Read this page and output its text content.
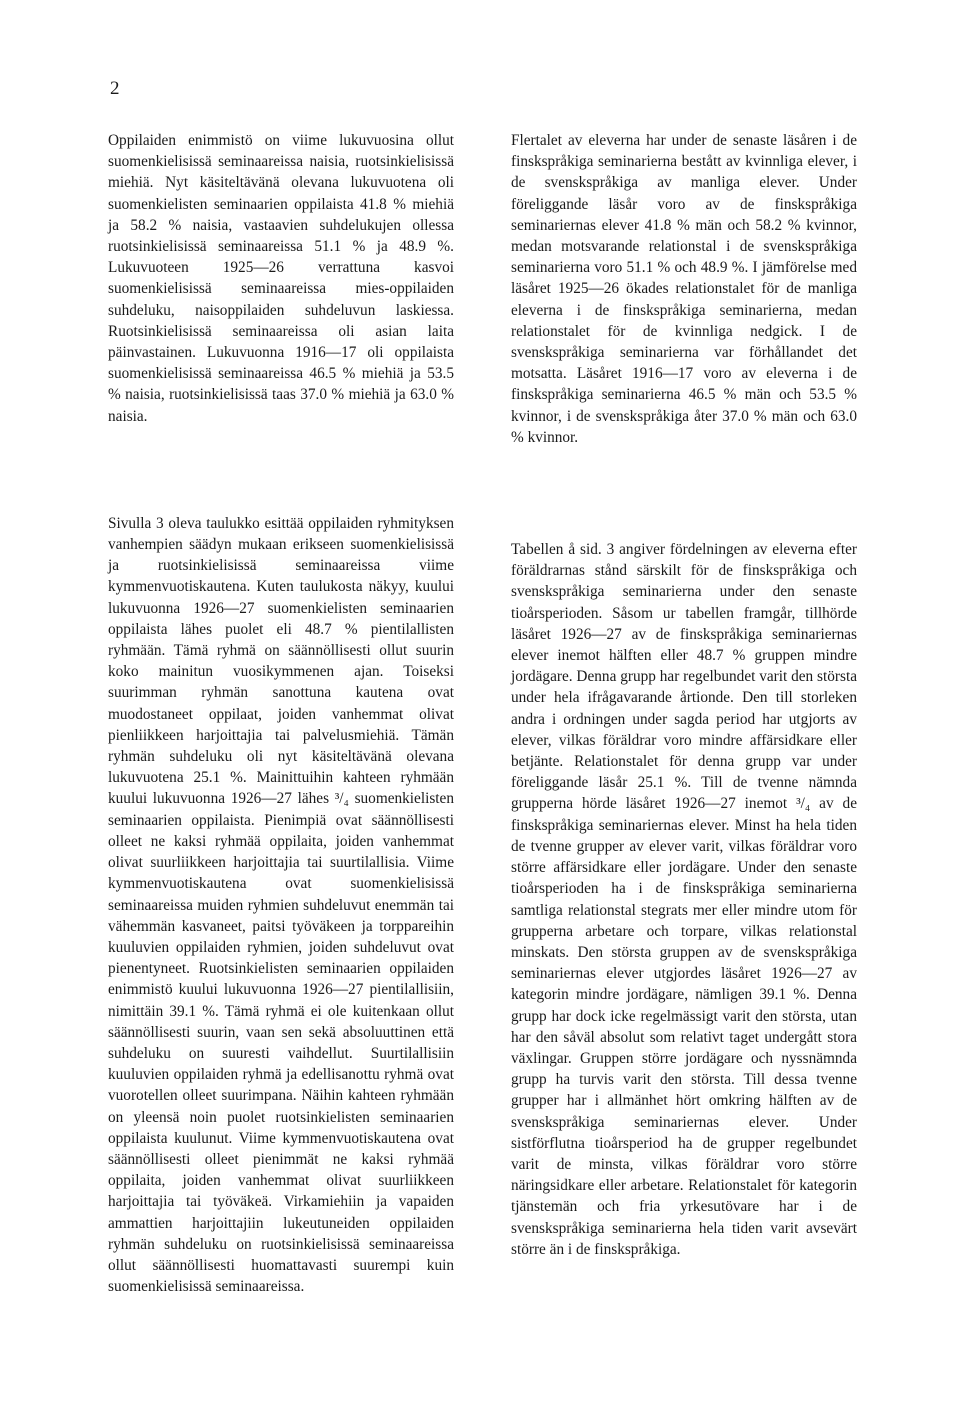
2

Oppilaiden enimmistö on viime lukuvuosina ollut suomenkielisissä seminaareissa naisia, ruotsinkielisissä miehiä. Nyt käsiteltävänä olevana lukuvuotena oli suomenkielisten seminaarien oppilaista 41.8 % miehiä ja 58.2 % naisia, vastaavien suhdelukujen ollessa ruotsinkielisissä seminaareissa 51.1 % ja 48.9 %. Lukuvuoteen 1925—26 verrattuna kasvoi suomenkielisissä seminaareissa mies-oppilaiden suhdeluku, naisoppilaiden suhdeluvun laskiessa. Ruotsinkielisissä seminaareissa oli asian laita päinvastainen. Lukuvuonna 1916—17 oli oppilaista suomenkielisissä seminaareissa 46.5 % miehiä ja 53.5 % naisia, ruotsinkielisissä taas 37.0 % miehiä ja 63.0 % naisia.

Sivulla 3 oleva taulukko esittää oppilaiden ryhmityksen vanhempien säädyn mukaan erikseen suomenkielisissä ja ruotsinkielisissä seminaareissa viime kymmenvuotiskautena. Kuten taulukosta näkyy, kuului lukuvuonna 1926—27 suomenkielisten seminaarien oppilaista lähes puolet eli 48.7 % pientilallisten ryhmään. Tämä ryhmä on säännöllisesti ollut suurin koko mainitun vuosikymmenen ajan. Toiseksi suurimman ryhmän sanottuna kautena ovat muodostaneet oppilaat, joiden vanhemmat olivat pienliikkeen harjoittajia tai palvelusmiehiä. Tämän ryhmän suhdeluku oli nyt käsiteltävänä olevana lukuvuotena 25.1 %. Mainittuihin kahteen ryhmään kuului lukuvuonna 1926—27 lähes ³/₄ suomenkielisten seminaarien oppilaista. Pienimpiä ovat säännöllisesti olleet ne kaksi ryhmää oppilaita, joiden vanhemmat olivat suurliikkeen harjoittajia tai suurtilallisia. Viime kymmenvuotiskautena ovat suomenkielisissä seminaareissa muiden ryhmien suhdeluvut enemmän tai vähemmän kasvaneet, paitsi työväkeen ja torppareihin kuuluvien oppilaiden ryhmien, joiden suhdeluvut ovat pienentyneet. Ruotsinkielisten seminaarien oppilaiden enimmistö kuului lukuvuonna 1926—27 pientilallisiin, nimittäin 39.1 %. Tämä ryhmä ei ole kuitenkaan ollut säännöllisesti suurin, vaan sen sekä absoluuttinen että suhdeluku on suuresti vaihdellut. Suurtilallisiin kuuluvien oppilaiden ryhmä ja edellisanottu ryhmä ovat vuorotellen olleet suurimpana. Näihin kahteen ryhmään on yleensä noin puolet ruotsinkielisten seminaarien oppilaista kuulunut. Viime kymmenvuotiskautena ovat säännöllisesti olleet pienimmät ne kaksi ryhmää oppilaita, joiden vanhemmat olivat suurliikkeen harjoittajia tai työväkeä. Virkamiehiin ja vapaiden ammattien harjoittajiin lukeutuneiden oppilaiden ryhmän suhdeluku on ruotsinkielisissä seminaareissa ollut säännöllisesti huomattavasti suurempi kuin suomenkielisissä seminaareissa.

Flertalet av eleverna har under de senaste läsåren i de finskspråkiga seminarierna bestått av kvinnliga elever, i de svenskspråkiga av manliga elever. Under föreliggande läsår voro av de finskspråkiga seminariernas elever 41.8 % män och 58.2 % kvinnor, medan motsvarande relationstal i de svenskspråkiga seminarierna voro 51.1 % och 48.9 %. I jämförelse med läsåret 1925—26 ökades relationstalet för de manliga eleverna i de finskspråkiga seminarierna, medan relationstalet för de kvinnliga nedgick. I de svenskspråkiga seminarierna var förhållandet det motsatta. Läsåret 1916—17 voro av eleverna i de finskspråkiga seminarierna 46.5 % män och 53.5 % kvinnor, i de svenskspråkiga åter 37.0 % män och 63.0 % kvinnor.

Tabellen å sid. 3 angiver fördelningen av eleverna efter föräldrarnas stånd särskilt för de finskspråkiga och svenskspråkiga seminarierna under den senaste tioårsperioden. Såsom ur tabellen framgår, tillhörde läsåret 1926—27 av de finskspråkiga seminariernas elever inemot hälften eller 48.7 % gruppen mindre jordägare. Denna grupp har regelbundet varit den största under hela ifrågavarande årtionde. Den till storleken andra i ordningen under sagda period har utgjorts av elever, vilkas föräldrar voro mindre affärsidkare eller betjänte. Relationstalet för denna grupp var under föreliggande läsår 25.1 %. Till de tvenne nämnda grupperna hörde läsåret 1926—27 inemot ³/₄ av de finskspråkiga seminariernas elever. Minst ha hela tiden de tvenne grupper av elever varit, vilkas föräldrar voro större affärsidkare eller jordägare. Under den senaste tioårsperioden ha i de finskspråkiga seminarierna samtliga relationstal stegrats mer eller mindre utom för grupperna arbetare och torpare, vilkas relationstal minskats. Den största gruppen av de svenskspråkiga seminariernas elever utgjordes läsåret 1926—27 av kategorin mindre jordägare, nämligen 39.1 %. Denna grupp har dock icke regelmässigt varit den största, utan har den såväl absolut som relativt taget undergått stora växlingar. Gruppen större jordägare och nyssnämnda grupp ha turvis varit den största. Till dessa tvenne grupper har i allmänhet hört omkring hälften av de svenskspråkiga seminariernas elever. Under sistförflutna tioårsperiod ha de grupper regelbundet varit de minsta, vilkas föräldrar voro större näringsidkare eller arbetare. Relationstalet för kategorin tjänstemän och fria yrkesutövare har i de svenskspråkiga seminarierna hela tiden varit avsevärt större än i de finskspråkiga.
